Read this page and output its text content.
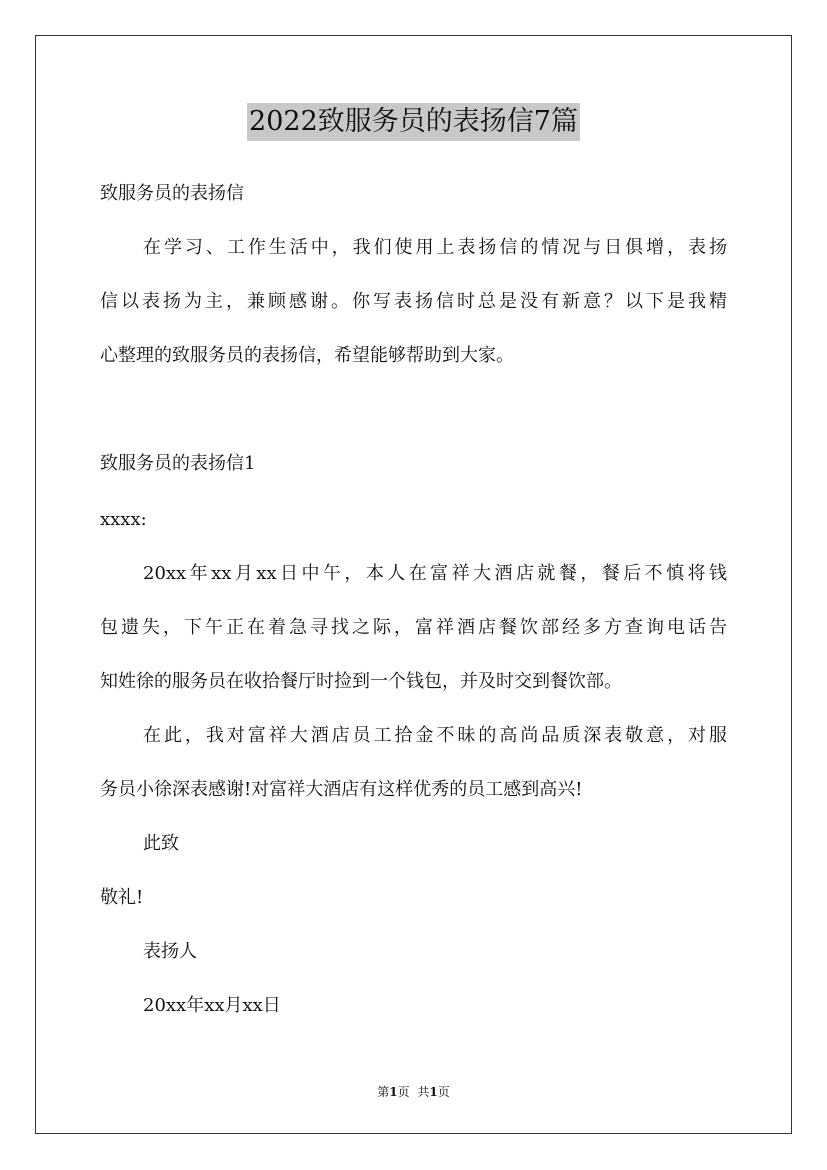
2022致服务员的表扬信7篇
致服务员的表扬信
在学习、工作生活中，我们使用上表扬信的情况与日俱增，表扬
信以表扬为主，兼顾感谢。你写表扬信时总是没有新意？以下是我精
心整理的致服务员的表扬信，希望能够帮助到大家。
致服务员的表扬信1
xxxx:
20xx年xx月xx日中午，本人在富祥大酒店就餐，餐后不慎将钱
包遗失，下午正在着急寻找之际，富祥酒店餐饮部经多方查询电话告
知姓徐的服务员在收拾餐厅时捡到一个钱包，并及时交到餐饮部。
在此，我对富祥大酒店员工拾金不昧的高尚品质深表敬意，对服
务员小徐深表感谢!对富祥大酒店有这样优秀的员工感到高兴!
此致
敬礼!
表扬人
20xx年xx月xx日
第1页 共1页
